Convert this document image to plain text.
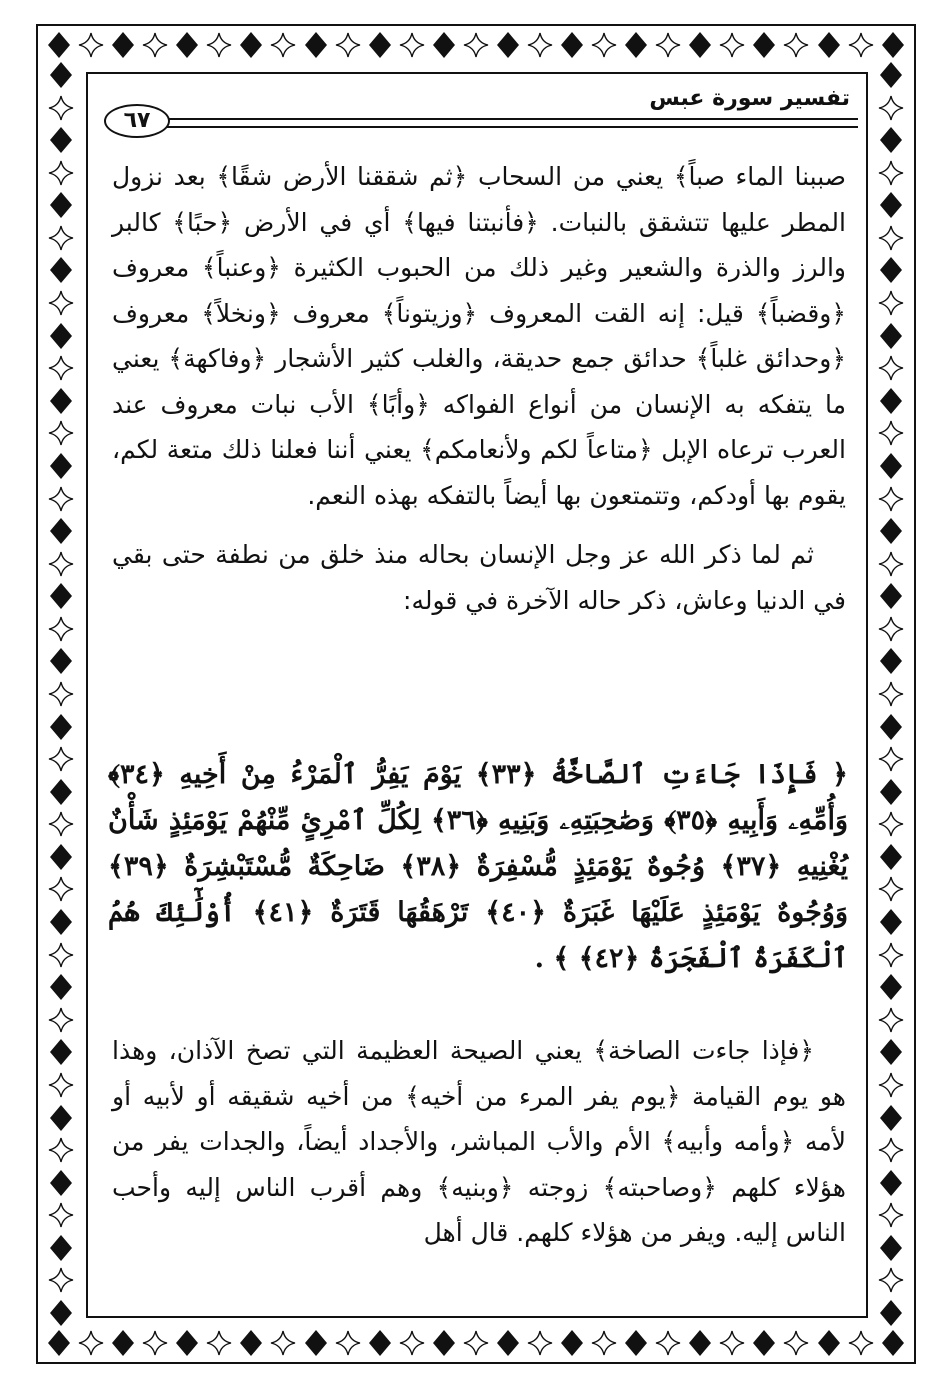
تفسير سورة عبس
٦٧

صببنا الماء صباً﴾ يعني من السحاب ﴿ثم شققنا الأرض شقًا﴾ بعد نزول المطر عليها تتشقق بالنبات. ﴿فأنبتنا فيها﴾ أي في الأرض ﴿حبًا﴾ كالبر والرز والذرة والشعير وغير ذلك من الحبوب الكثيرة ﴿وعنباً﴾ معروف ﴿وقضباً﴾ قيل: إنه القت المعروف ﴿وزيتوناً﴾ معروف ﴿ونخلاً﴾ معروف ﴿وحدائق غلباً﴾ حدائق جمع حديقة، والغلب كثير الأشجار ﴿وفاكهة﴾ يعني ما يتفكه به الإنسان من أنواع الفواكه ﴿وأبًا﴾ الأب نبات معروف عند العرب ترعاه الإبل ﴿متاعاً لكم ولأنعامكم﴾ يعني أننا فعلنا ذلك متعة لكم، يقوم بها أودكم، وتتمتعون بها أيضاً بالتفكه بهذه النعم.

ثم لما ذكر الله عز وجل الإنسان بحاله منذ خلق من نطفة حتى بقي في الدنيا وعاش، ذكر حاله الآخرة في قوله:

﴿ فَإِذَا جَاءَتِ ٱلصَّاخَّةُ ﴿٣٣﴾ يَوْمَ يَفِرُّ ٱلْمَرْءُ مِنْ أَخِيهِ ﴿٣٤﴾ وَأُمِّهِۦ وَأَبِيهِ ﴿٣٥﴾ وَصَٰحِبَتِهِۦ وَبَنِيهِ ﴿٣٦﴾ لِكُلِّ ٱمْرِئٍ مِّنْهُمْ يَوْمَئِذٍ شَأْنٌ يُغْنِيهِ ﴿٣٧﴾ وُجُوهٌ يَوْمَئِذٍ مُّسْفِرَةٌ ﴿٣٨﴾ ضَاحِكَةٌ مُّسْتَبْشِرَةٌ ﴿٣٩﴾ وَوُجُوهٌ يَوْمَئِذٍ عَلَيْهَا غَبَرَةٌ ﴿٤٠﴾ تَرْهَقُهَا قَتَرَةٌ ﴿٤١﴾ أُوْلَٰٓئِكَ هُمُ ٱلْكَفَرَةُ ٱلْفَجَرَةُ ﴿٤٢﴾ ﴾ .
﴿فإذا جاءت الصاخة﴾ يعني الصيحة العظيمة التي تصخ الآذان، وهذا هو يوم القيامة ﴿يوم يفر المرء من أخيه﴾ من أخيه شقيقه أو لأبيه أو لأمه ﴿وأمه وأبيه﴾ الأم والأب المباشر، والأجداد أيضاً، والجدات يفر من هؤلاء كلهم ﴿وصاحبته﴾ زوجته ﴿وبنيه﴾ وهم أقرب الناس إليه وأحب الناس إليه. ويفر من هؤلاء كلهم. قال أهل
